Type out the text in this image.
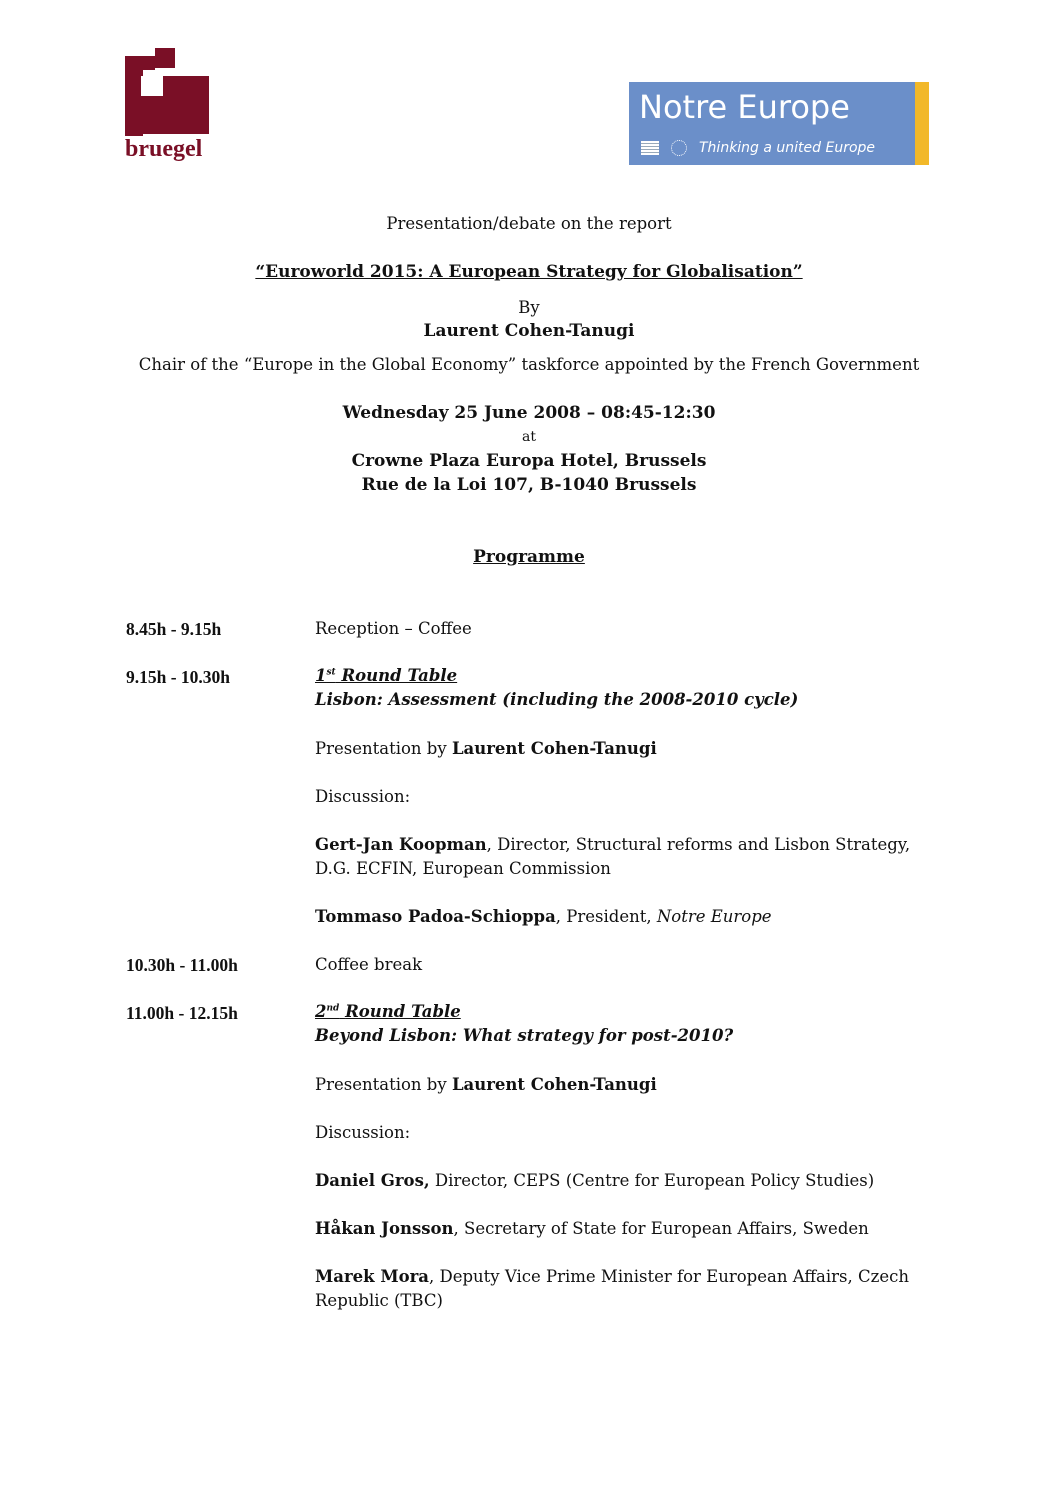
bruegel
Notre Europe
Thinking a united Europe
Presentation/debate on the report
“Euroworld 2015: A European Strategy for Globalisation”
By
Laurent Cohen-Tanugi
Chair of the “Europe in the Global Economy” taskforce appointed by the French Government
Wednesday 25 June 2008 – 08:45-12:30
at
Crowne Plaza Europa Hotel, Brussels
Rue de la Loi 107, B-1040 Brussels
Programme
8.45h - 9.15h	Reception – Coffee
9.15h - 10.30h	1st Round Table
Lisbon: Assessment (including the 2008-2010 cycle)
Presentation by Laurent Cohen-Tanugi
Discussion:
Gert-Jan Koopman, Director, Structural reforms and Lisbon Strategy,
D.G. ECFIN, European Commission
Tommaso Padoa-Schioppa, President, Notre Europe
10.30h - 11.00h	Coffee break
11.00h - 12.15h	2nd Round Table
Beyond Lisbon: What strategy for post-2010?
Presentation by Laurent Cohen-Tanugi
Discussion:
Daniel Gros, Director, CEPS (Centre for European Policy Studies)
Håkan Jonsson, Secretary of State for European Affairs, Sweden
Marek Mora, Deputy Vice Prime Minister for European Affairs, Czech
Republic (TBC)
